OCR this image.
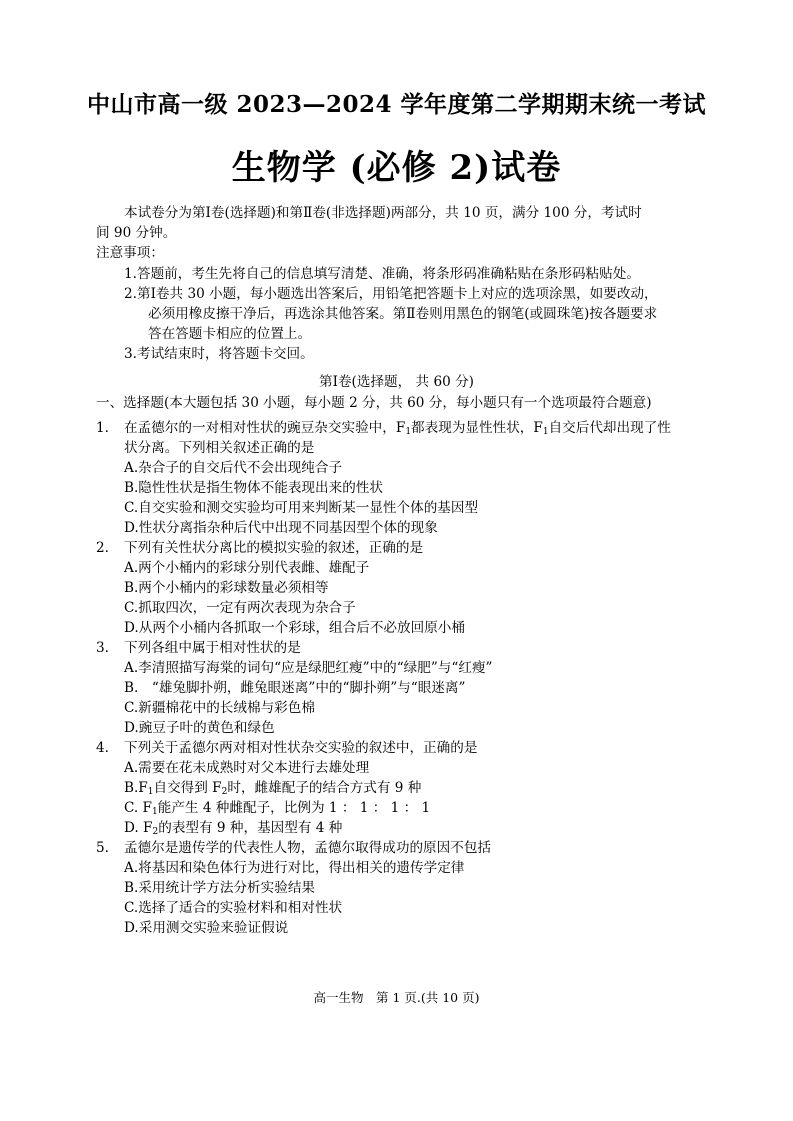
中山市高一级 2023—2024 学年度第二学期期末统一考试
生物学 (必修 2)试卷
本试卷分为第Ⅰ卷(选择题)和第Ⅱ卷(非选择题)两部分，共 10 页，满分 100 分，考试时
间 90 分钟。
注意事项：
1.答题前，考生先将自己的信息填写清楚、准确，将条形码准确粘贴在条形码粘贴处。
2.第Ⅰ卷共 30 小题，每小题选出答案后，用铅笔把答题卡上对应的选项涂黑，如要改动，
必须用橡皮擦干净后，再选涂其他答案。第Ⅱ卷则用黑色的钢笔(或圆珠笔)按各题要求
答在答题卡相应的位置上。
3.考试结束时，将答题卡交回。
第Ⅰ卷(选择题， 共 60 分)
一、选择题(本大题包括 30 小题，每小题 2 分，共 60 分，每小题只有一个选项最符合题意)
1. 在孟德尔的一对相对性状的豌豆杂交实验中，$F_1$都表现为显性性状，$F_1$自交后代却出现了性
状分离。下列相关叙述正确的是
A.杂合子的自交后代不会出现纯合子
B.隐性性状是指生物体不能表现出来的性状
C.自交实验和测交实验均可用来判断某一显性个体的基因型
D.性状分离指杂种后代中出现不同基因型个体的现象
2. 下列有关性状分离比的模拟实验的叙述，正确的是
A.两个小桶内的彩球分别代表雌、雄配子
B.两个小桶内的彩球数量必须相等
C.抓取四次，一定有两次表现为杂合子
D.从两个小桶内各抓取一个彩球，组合后不必放回原小桶
3. 下列各组中属于相对性状的是
A.李清照描写海棠的词句“应是绿肥红瘦”中的“绿肥”与“红瘦”
B.　“雄兔脚扑朔，雌兔眼迷离”中的“脚扑朔”与“眼迷离”
C.新疆棉花中的长绒棉与彩色棉
D.豌豆子叶的黄色和绿色
4. 下列关于孟德尔两对相对性状杂交实验的叙述中，正确的是
A.需要在花未成熟时对父本进行去雄处理
$B.F_1$自交得到 $F_2$时，雌雄配子的结合方式有 9 种
C. $F_1$能产生 4 种雌配子，比例为 1 ： 1 ： 1 ： 1
D. $F_2$的表型有 9 种，基因型有 4 种
5. 孟德尔是遗传学的代表性人物，孟德尔取得成功的原因不包括
A.将基因和染色体行为进行对比，得出相关的遗传学定律
B.采用统计学方法分析实验结果
C.选择了适合的实验材料和相对性状
D.采用测交实验来验证假说
高一生物　第 1 页.(共 10 页)
